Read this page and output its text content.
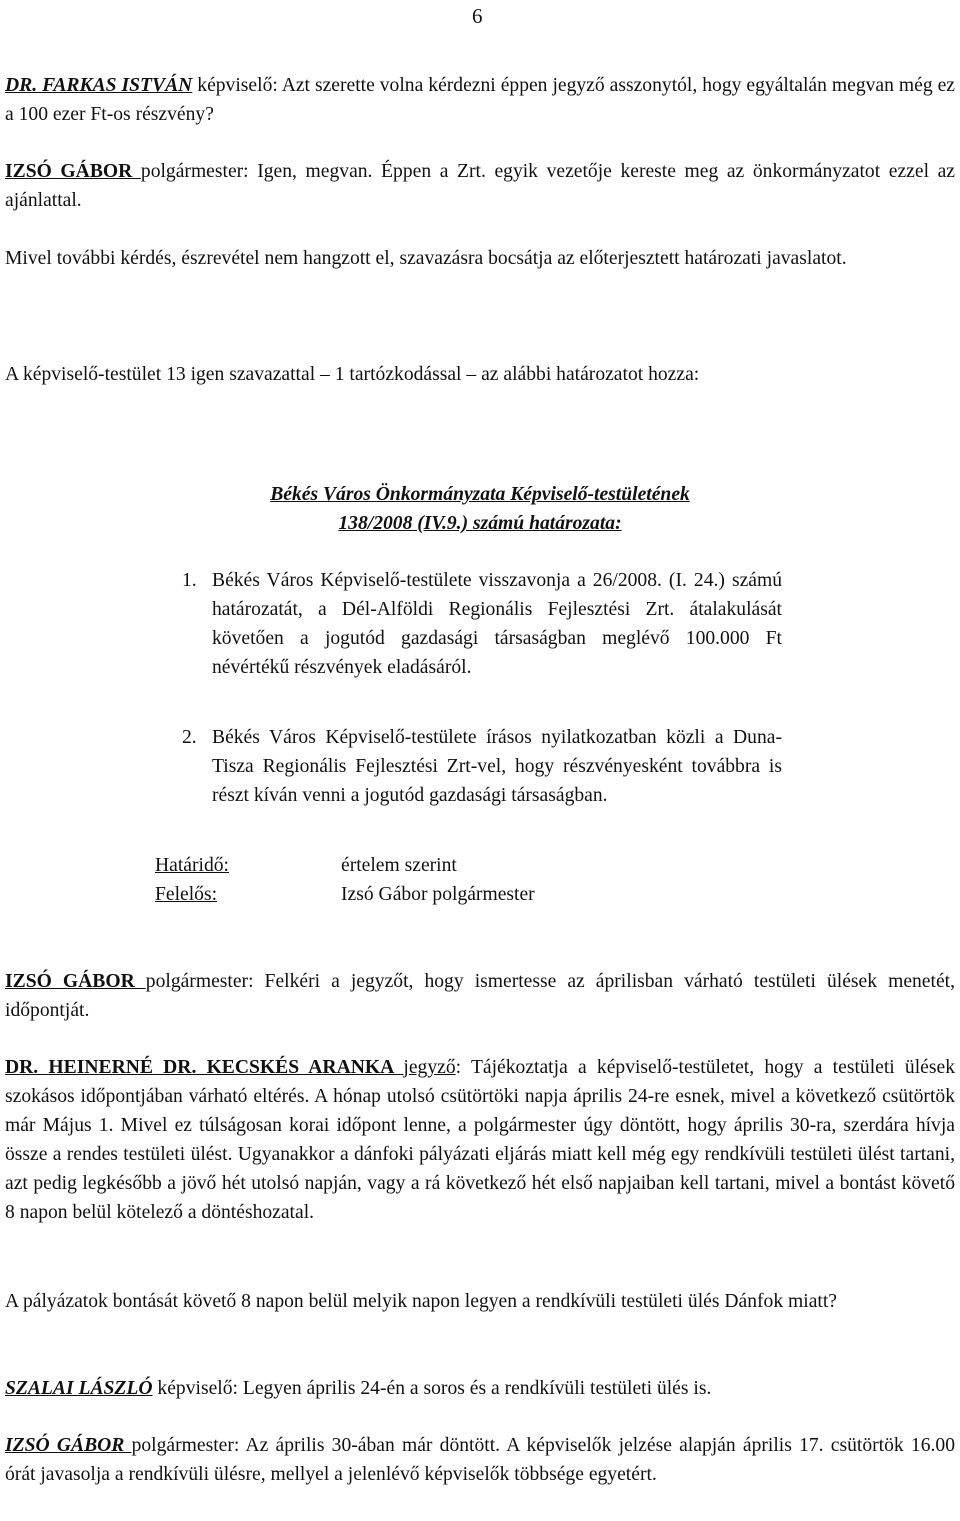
6

DR. FARKAS ISTVÁN képviselő: Azt szerette volna kérdezni éppen jegyző asszonytól, hogy egyáltalán megvan még ez a 100 ezer Ft-os részvény?

IZSÓ GÁBOR polgármester: Igen, megvan. Éppen a Zrt. egyik vezetője kereste meg az önkormányzatot ezzel az ajánlattal.

Mivel további kérdés, észrevétel nem hangzott el, szavazásra bocsátja az előterjesztett határozati javaslatot.

A képviselő-testület 13 igen szavazattal – 1 tartózkodással – az alábbi határozatot hozza:

Békés Város Önkormányzata Képviselő-testületének
138/2008 (IV.9.) számú határozata:
1. Békés Város Képviselő-testülete visszavonja a 26/2008. (I. 24.) számú határozatát, a Dél-Alföldi Regionális Fejlesztési Zrt. átalakulását követően a jogutód gazdasági társaságban meglévő 100.000 Ft névértékű részvények eladásáról.
2. Békés Város Képviselő-testülete írásos nyilatkozatban közli a Duna-Tisza Regionális Fejlesztési Zrt-vel, hogy részvényesként továbbra is részt kíván venni a jogutód gazdasági társaságban.
Határidő:	értelem szerint
Felelős:	Izsó Gábor polgármester

IZSÓ GÁBOR polgármester: Felkéri a jegyzőt, hogy ismertesse az áprilisban várható testületi ülések menetét, időpontját.

DR. HEINERNÉ DR. KECSKÉS ARANKA jegyző: Tájékoztatja a képviselő-testületet, hogy a testületi ülések szokásos időpontjában várható eltérés. A hónap utolsó csütörtöki napja április 24-re esnek, mivel a következő csütörtök már Május 1. Mivel ez túlságosan korai időpont lenne, a polgármester úgy döntött, hogy április 30-ra, szerdára hívja össze a rendes testületi ülést. Ugyanakkor a dánfoki pályázati eljárás miatt kell még egy rendkívüli testületi ülést tartani, azt pedig legkésőbb a jövő hét utolsó napján, vagy a rá következő hét első napjaiban kell tartani, mivel a bontást követő 8 napon belül kötelező a döntéshozatal.

A pályázatok bontását követő 8 napon belül melyik napon legyen a rendkívüli testületi ülés Dánfok miatt?

SZALAI LÁSZLÓ képviselő: Legyen április 24-én a soros és a rendkívüli testületi ülés is.

IZSÓ GÁBOR polgármester: Az április 30-ában már döntött. A képviselők jelzése alapján április 17. csütörtök 16.00 órát javasolja a rendkívüli ülésre, mellyel a jelenlévő képviselők többsége egyetért.
